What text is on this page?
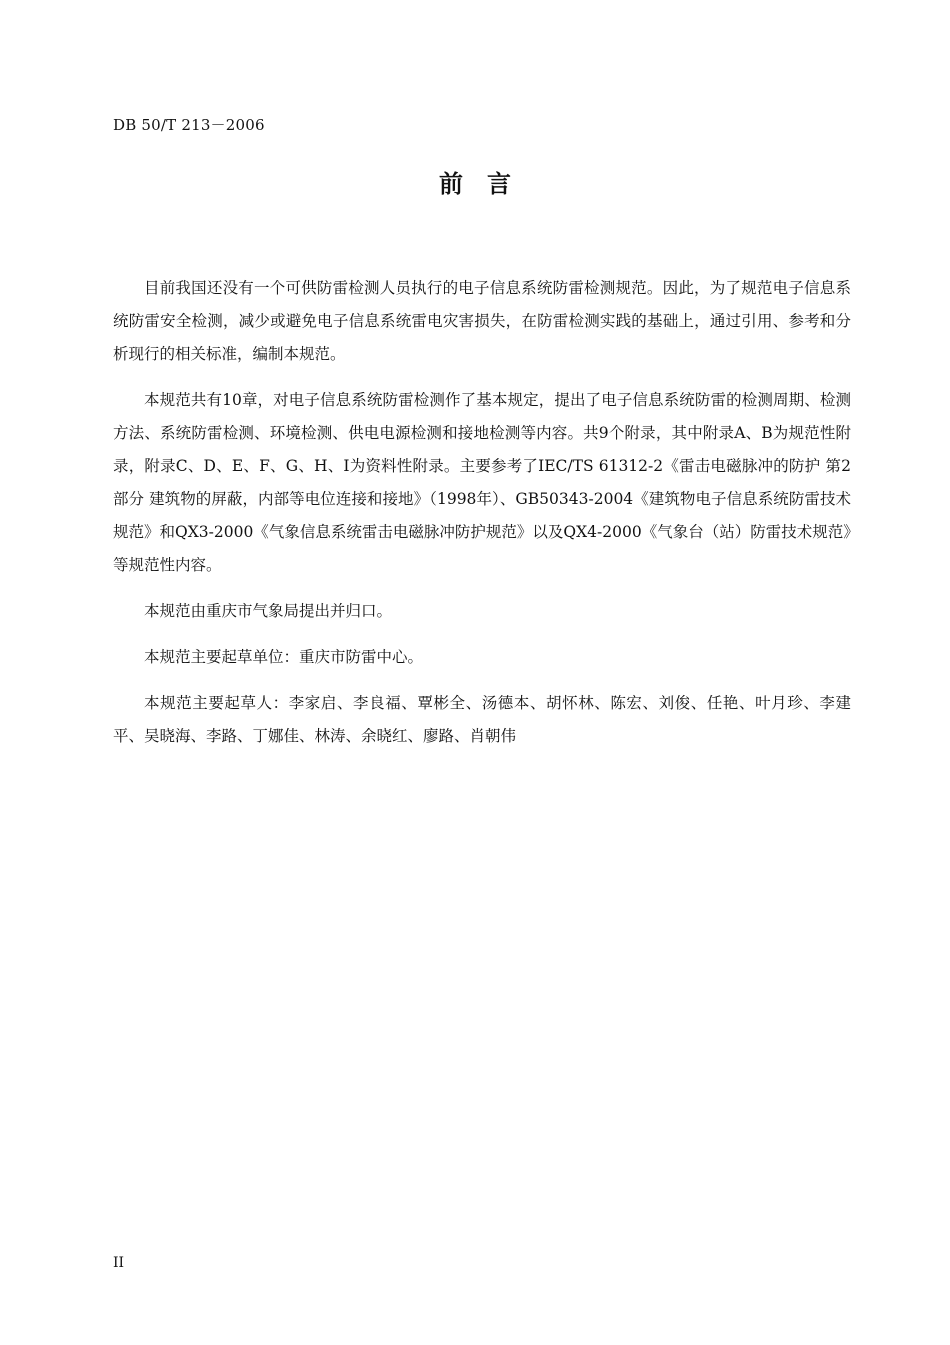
DB 50/T 213－2006
前言

目前我国还没有一个可供防雷检测人员执行的电子信息系统防雷检测规范。因此，为了规范电子信息系统防雷安全检测，减少或避免电子信息系统雷电灾害损失，在防雷检测实践的基础上，通过引用、参考和分析现行的相关标准，编制本规范。

本规范共有10章，对电子信息系统防雷检测作了基本规定，提出了电子信息系统防雷的检测周期、检测方法、系统防雷检测、环境检测、供电电源检测和接地检测等内容。共9个附录，其中附录A、B为规范性附录，附录C、D、E、F、G、H、I为资料性附录。主要参考了IEC/TS 61312-2《雷击电磁脉冲的防护 第2部分 建筑物的屏蔽，内部等电位连接和接地》（1998年）、GB50343-2004《建筑物电子信息系统防雷技术规范》和QX3-2000《气象信息系统雷击电磁脉冲防护规范》以及QX4-2000《气象台（站）防雷技术规范》等规范性内容。

本规范由重庆市气象局提出并归口。

本规范主要起草单位：重庆市防雷中心。

本规范主要起草人：李家启、李良福、覃彬全、汤德本、胡怀林、陈宏、刘俊、任艳、叶月珍、李建平、吴晓海、李路、丁娜佳、林涛、余晓红、廖路、肖朝伟

II
